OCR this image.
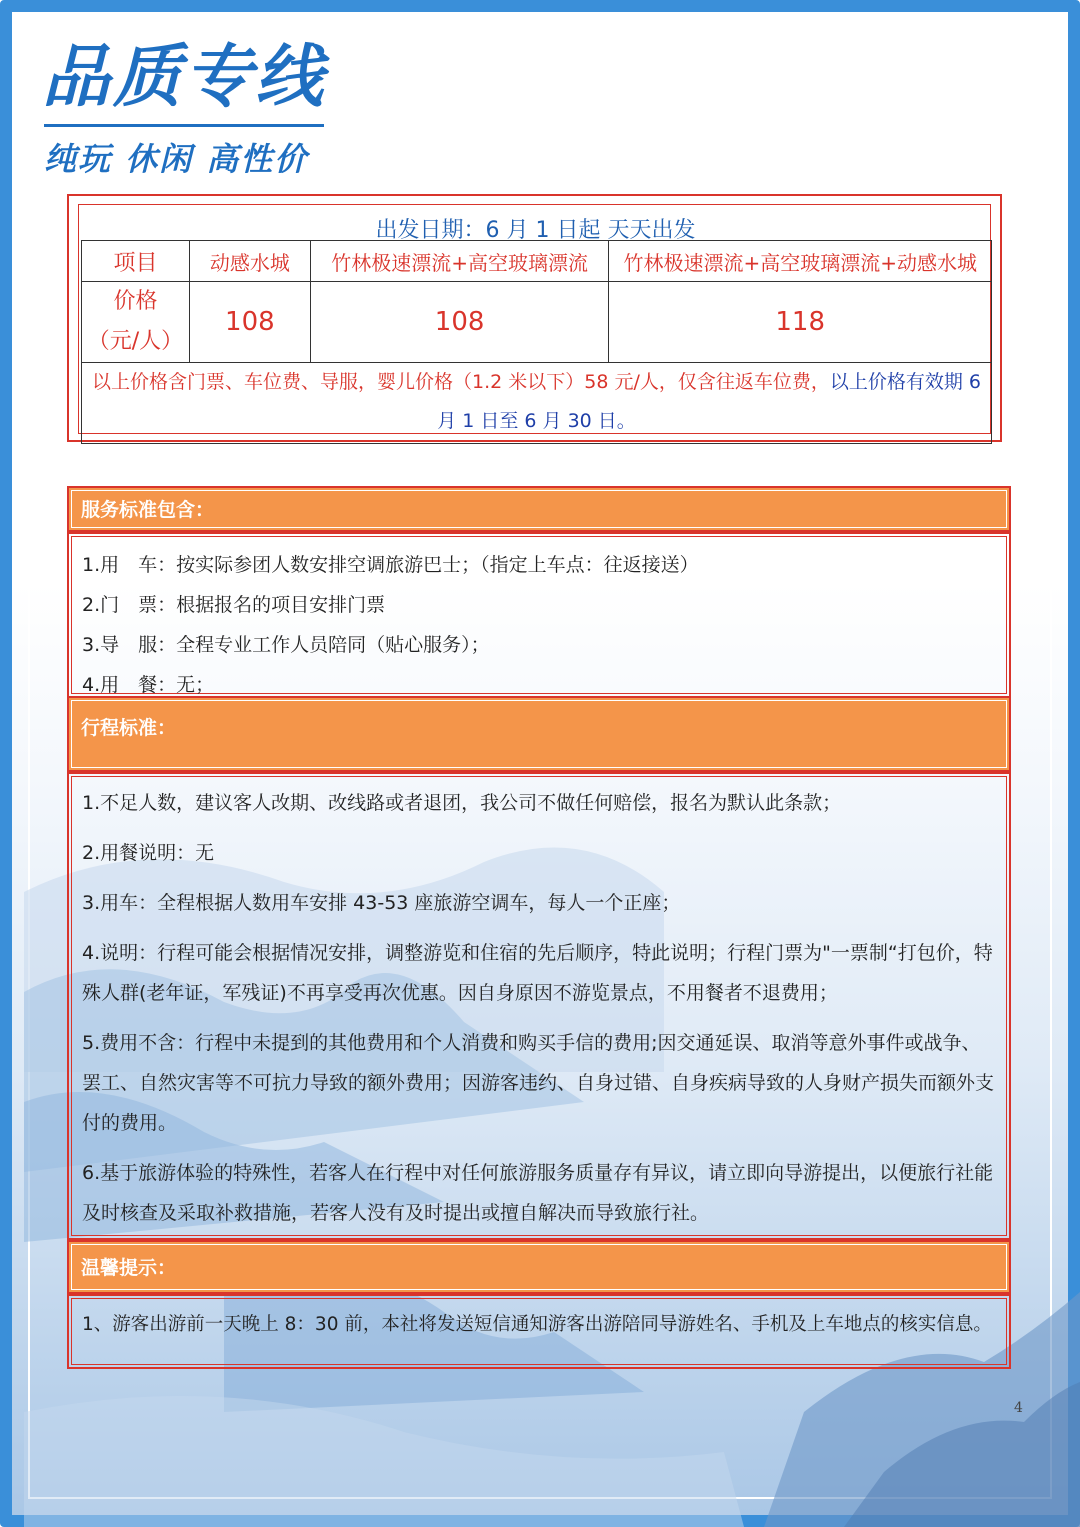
品质专线
纯玩 休闲 高性价

出发日期：6 月 1 日起 天天出发

项目	动感水城	竹林极速漂流+高空玻璃漂流	竹林极速漂流+高空玻璃漂流+动感水城

价格
（元/人）	108	108	118
以上价格含门票、车位费、导服，婴儿价格（1.2 米以下）58 元/人，仅含往返车位费，以上价格有效期 6 月 1 日至 6 月 30 日。			
服务标准包含：

1.用　车：按实际参团人数安排空调旅游巴士；（指定上车点：往返接送）

2.门　票：根据报名的项目安排门票

3.导　服：全程专业工作人员陪同（贴心服务）；

4.用　餐：无；

行程标准：

1.不足人数，建议客人改期、改线路或者退团，我公司不做任何赔偿，报名为默认此条款；

2.用餐说明：无

3.用车：全程根据人数用车安排 43-53 座旅游空调车，每人一个正座；

4.说明：行程可能会根据情况安排，调整游览和住宿的先后顺序，特此说明；行程门票为"一票制“打包价，特殊人群(老年证，军残证)不再享受再次优惠。因自身原因不游览景点，不用餐者不退费用；

5.费用不含：行程中未提到的其他费用和个人消费和购买手信的费用;因交通延误、取消等意外事件或战争、罢工、自然灾害等不可抗力导致的额外费用；因游客违约、自身过错、自身疾病导致的人身财产损失而额外支付的费用。

6.基于旅游体验的特殊性，若客人在行程中对任何旅游服务质量存有异议，请立即向导游提出，以便旅行社能及时核查及采取补救措施，若客人没有及时提出或擅自解决而导致旅行社。

温馨提示：

1、游客出游前一天晚上 8：30 前，本社将发送短信通知游客出游陪同导游姓名、手机及上车地点的核实信息。

4
